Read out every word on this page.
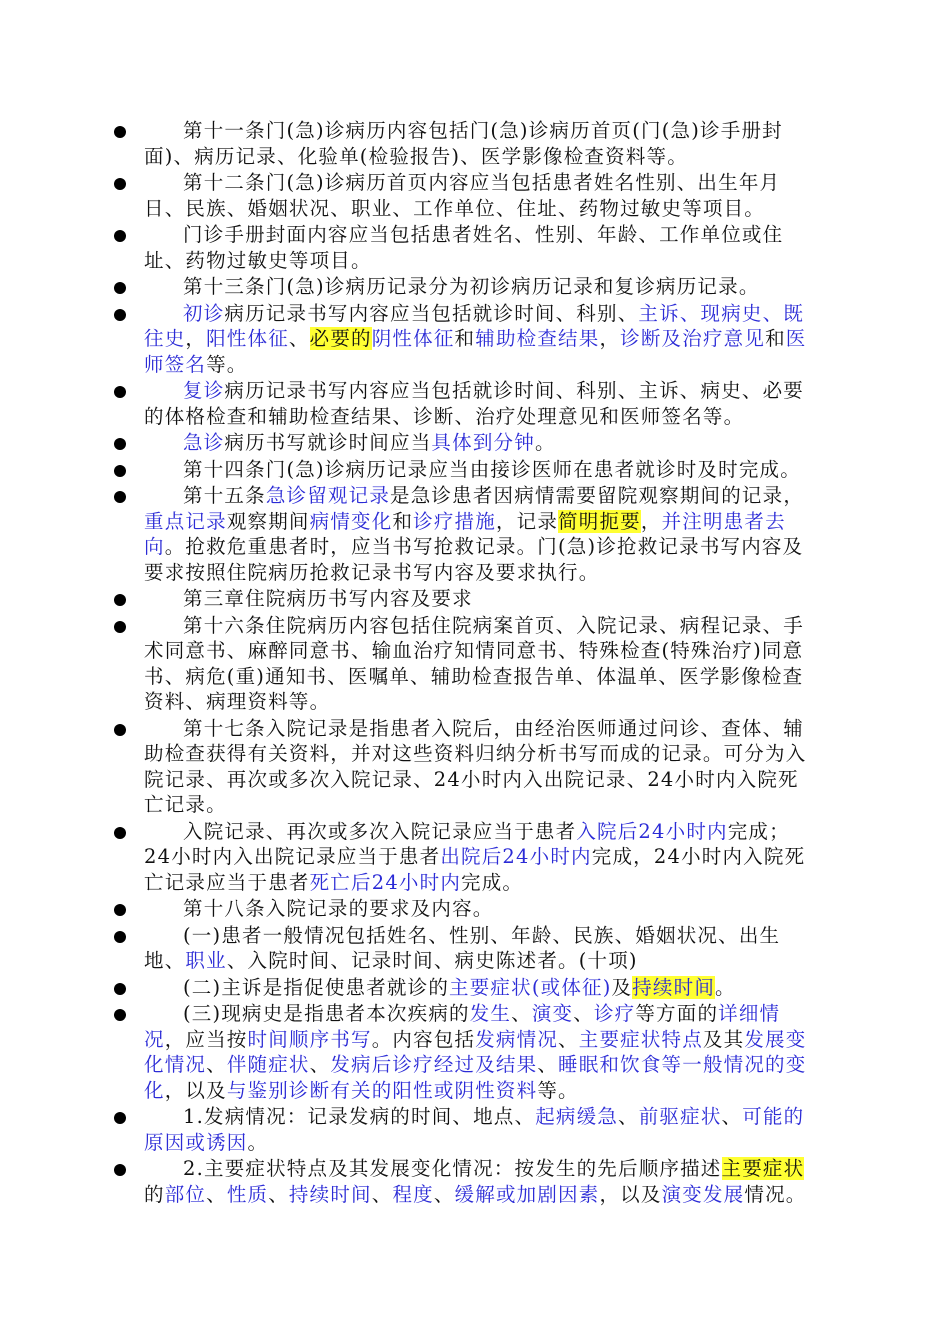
第十一条门(急)诊病历内容包括门(急)诊病历首页(门(急)诊手册封面)、病历记录、化验单(检验报告)、医学影像检查资料等。
第十二条门(急)诊病历首页内容应当包括患者姓名性别、出生年月日、民族、婚姻状况、职业、工作单位、住址、药物过敏史等项目。
门诊手册封面内容应当包括患者姓名、性别、年龄、工作单位或住址、药物过敏史等项目。
第十三条门(急)诊病历记录分为初诊病历记录和复诊病历记录。
初诊病历记录书写内容应当包括就诊时间、科别、主诉、现病史、既往史，阳性体征、必要的阴性体征和辅助检查结果，诊断及治疗意见和医师签名等。
复诊病历记录书写内容应当包括就诊时间、科别、主诉、病史、必要的体格检查和辅助检查结果、诊断、治疗处理意见和医师签名等。
急诊病历书写就诊时间应当具体到分钟。
第十四条门(急)诊病历记录应当由接诊医师在患者就诊时及时完成。
第十五条急诊留观记录是急诊患者因病情需要留院观察期间的记录，重点记录观察期间病情变化和诊疗措施，记录简明扼要，并注明患者去向。抢救危重患者时，应当书写抢救记录。门(急)诊抢救记录书写内容及要求按照住院病历抢救记录书写内容及要求执行。
第三章住院病历书写内容及要求
第十六条住院病历内容包括住院病案首页、入院记录、病程记录、手术同意书、麻醉同意书、输血治疗知情同意书、特殊检查(特殊治疗)同意书、病危(重)通知书、医嘱单、辅助检查报告单、体温单、医学影像检查资料、病理资料等。
第十七条入院记录是指患者入院后，由经治医师通过问诊、查体、辅助检查获得有关资料，并对这些资料归纳分析书写而成的记录。可分为入院记录、再次或多次入院记录、24小时内入出院记录、24小时内入院死亡记录。
入院记录、再次或多次入院记录应当于患者入院后24小时内完成；24小时内入出院记录应当于患者出院后24小时内完成，24小时内入院死亡记录应当于患者死亡后24小时内完成。
第十八条入院记录的要求及内容。
(一)患者一般情况包括姓名、性别、年龄、民族、婚姻状况、出生地、职业、入院时间、记录时间、病史陈述者。(十项)
(二)主诉是指促使患者就诊的主要症状(或体征)及持续时间。
(三)现病史是指患者本次疾病的发生、演变、诊疗等方面的详细情况，应当按时间顺序书写。内容包括发病情况、主要症状特点及其发展变化情况、伴随症状、发病后诊疗经过及结果、睡眠和饮食等一般情况的变化，以及与鉴别诊断有关的阳性或阴性资料等。
1.发病情况：记录发病的时间、地点、起病缓急、前驱症状、可能的原因或诱因。
2.主要症状特点及其发展变化情况：按发生的先后顺序描述主要症状的部位、性质、持续时间、程度、缓解或加剧因素，以及演变发展情况。
